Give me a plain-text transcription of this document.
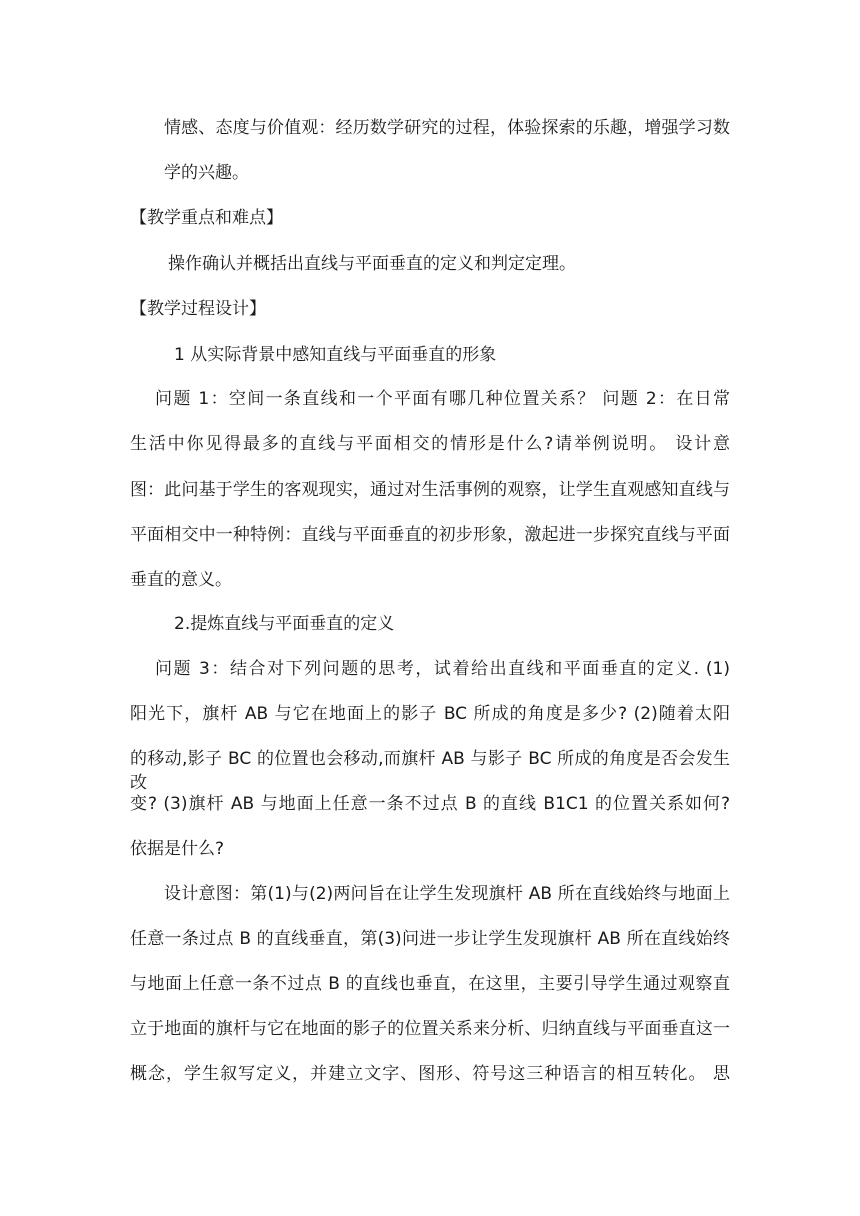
情感、态度与价值观：经历数学研究的过程，体验探索的乐趣，增强学习数
学的兴趣。
【教学重点和难点】
操作确认并概括出直线与平面垂直的定义和判定定理。
【教学过程设计】
1 从实际背景中感知直线与平面垂直的形象
问题 1：空间一条直线和一个平面有哪几种位置关系？ 问题 2：在日常
生活中你见得最多的直线与平面相交的情形是什么?请举例说明。 设计意
图：此问基于学生的客观现实，通过对生活事例的观察，让学生直观感知直线与
平面相交中一种特例：直线与平面垂直的初步形象，激起进一步探究直线与平面
垂直的意义。
2.提炼直线与平面垂直的定义
问题 3：结合对下列问题的思考，试着给出直线和平面垂直的定义. (1)
阳光下，旗杆 AB 与它在地面上的影子 BC 所成的角度是多少? (2)随着太阳
的移动,影子 BC 的位置也会移动,而旗杆 AB 与影子 BC 所成的角度是否会发生改
变? (3)旗杆 AB 与地面上任意一条不过点 B 的直线 B1C1 的位置关系如何?
依据是什么?
设计意图：第(1)与(2)两问旨在让学生发现旗杆 AB 所在直线始终与地面上
任意一条过点 B 的直线垂直，第(3)问进一步让学生发现旗杆 AB 所在直线始终
与地面上任意一条不过点 B 的直线也垂直，在这里，主要引导学生通过观察直
立于地面的旗杆与它在地面的影子的位置关系来分析、归纳直线与平面垂直这一
概念，学生叙写定义，并建立文字、图形、符号这三种语言的相互转化。 思
